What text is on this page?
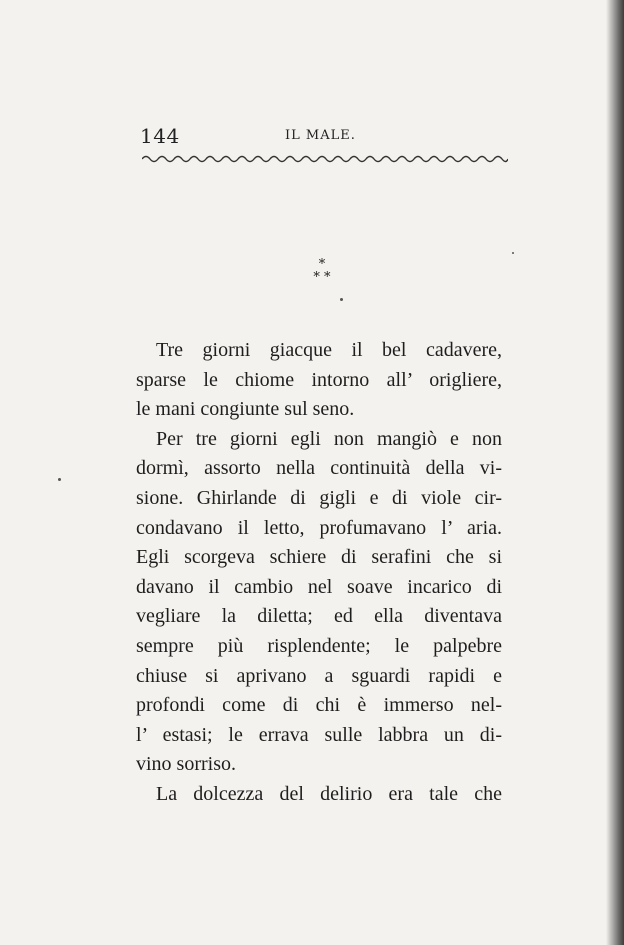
144	IL MALE.
*
* *
Tre giorni giacque il bel cadavere,
sparse le chiome intorno all’ origliere,
le mani congiunte sul seno.
Per tre giorni egli non mangiò e non
dormì, assorto nella continuità della vi-
sione. Ghirlande di gigli e di viole cir-
condavano il letto, profumavano l’ aria.
Egli scorgeva schiere di serafini che si
davano il cambio nel soave incarico di
vegliare la diletta; ed ella diventava
sempre più risplendente; le palpebre
chiuse si aprivano a sguardi rapidi e
profondi come di chi è immerso nel-
l’ estasi; le errava sulle labbra un di-
vino sorriso.
La dolcezza del delirio era tale che
